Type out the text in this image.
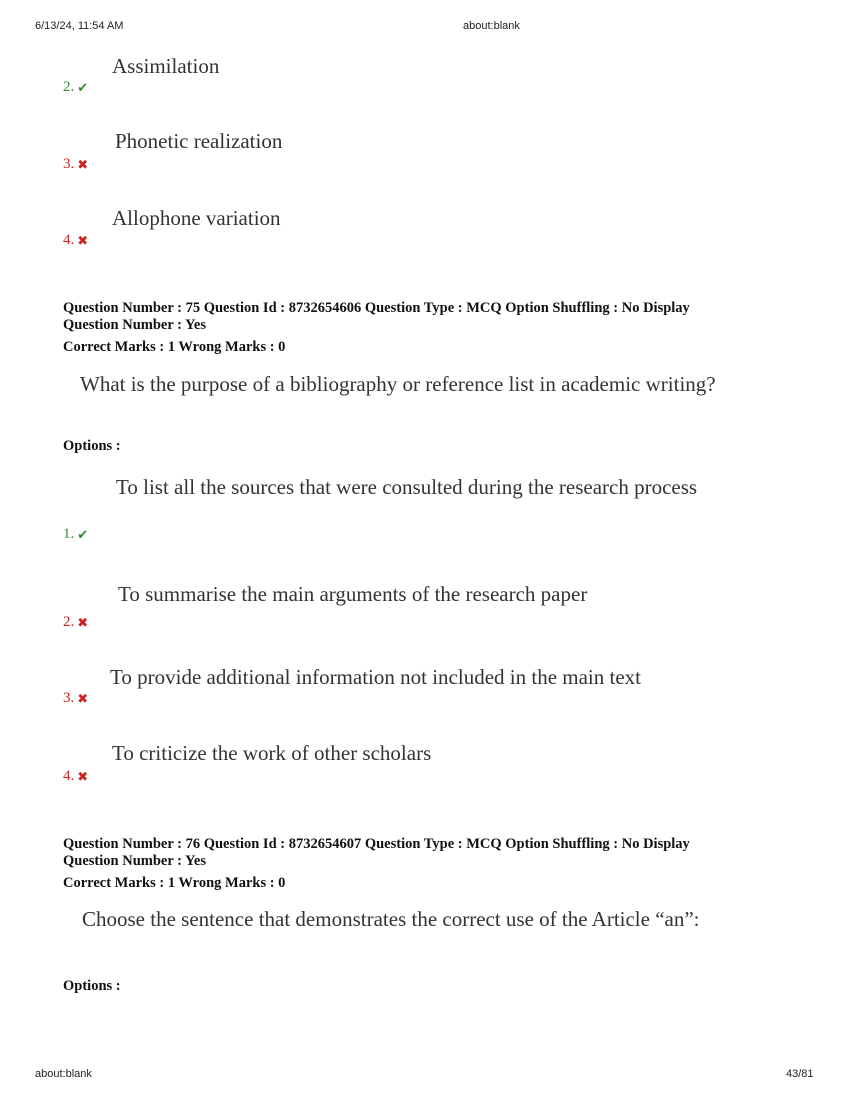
6/13/24, 11:54 AM	about:blank
Assimilation
2. ✔
Phonetic realization
3. ✖
Allophone variation
4. ✖
Question Number : 75 Question Id : 8732654606 Question Type : MCQ Option Shuffling : No Display
Question Number : Yes
Correct Marks : 1 Wrong Marks : 0
What is the purpose of a bibliography or reference list in academic writing?
Options :
To list all the sources that were consulted during the research process
1. ✔
To summarise the main arguments of the research paper
2. ✖
To provide additional information not included in the main text
3. ✖
To criticize the work of other scholars
4. ✖
Question Number : 76 Question Id : 8732654607 Question Type : MCQ Option Shuffling : No Display
Question Number : Yes
Correct Marks : 1 Wrong Marks : 0
Choose the sentence that demonstrates the correct use of the Article “an”:
Options :
about:blank	43/81
